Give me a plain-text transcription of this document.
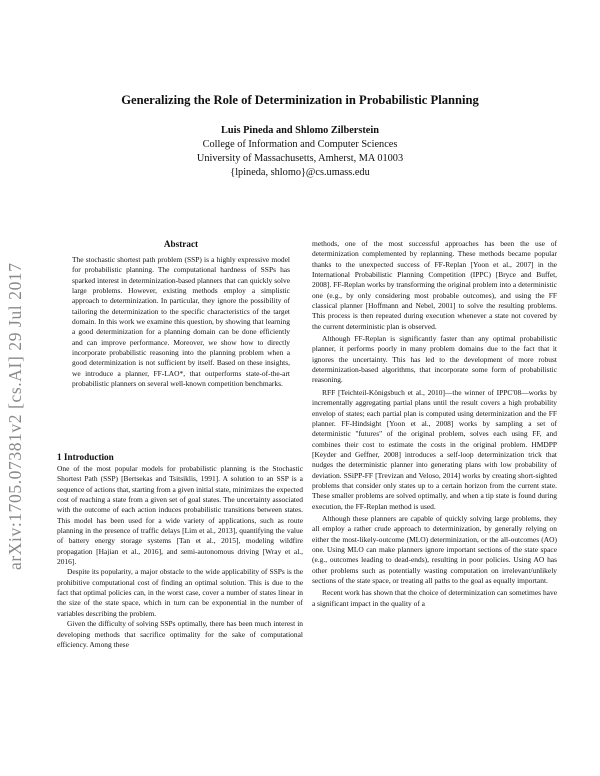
arXiv:1705.07381v2 [cs.AI] 29 Jul 2017
Generalizing the Role of Determinization in Probabilistic Planning
Luis Pineda and Shlomo Zilberstein
College of Information and Computer Sciences
University of Massachusetts, Amherst, MA 01003
{lpineda, shlomo}@cs.umass.edu
Abstract

The stochastic shortest path problem (SSP) is a highly expressive model for probabilistic planning. The computational hardness of SSPs has sparked interest in determinization-based planners that can quickly solve large problems. However, existing methods employ a simplistic approach to determinization. In particular, they ignore the possibility of tailoring the determinization to the specific characteristics of the target domain. In this work we examine this question, by showing that learning a good determinization for a planning domain can be done efficiently and can improve performance. Moreover, we show how to directly incorporate probabilistic reasoning into the planning problem when a good determinization is not sufficient by itself. Based on these insights, we introduce a planner, FF-LAO*, that outperforms state-of-the-art probabilistic planners on several well-known competition benchmarks.

1 Introduction

One of the most popular models for probabilistic planning is the Stochastic Shortest Path (SSP) [Bertsekas and Tsitsiklis, 1991]. A solution to an SSP is a sequence of actions that, starting from a given initial state, minimizes the expected cost of reaching a state from a given set of goal states. The uncertainty associated with the outcome of each action induces probabilistic transitions between states. This model has been used for a wide variety of applications, such as route planning in the presence of traffic delays [Lim et al., 2013], quantifying the value of battery energy storage systems [Tan et al., 2015], modeling wildfire propagation [Hajian et al., 2016], and semi-autonomous driving [Wray et al., 2016].

Despite its popularity, a major obstacle to the wide applicability of SSPs is the prohibitive computational cost of finding an optimal solution. This is due to the fact that optimal policies can, in the worst case, cover a number of states linear in the size of the state space, which in turn can be exponential in the number of variables describing the problem.

Given the difficulty of solving SSPs optimally, there has been much interest in developing methods that sacrifice optimality for the sake of computational efficiency. Among these

methods, one of the most successful approaches has been the use of determinization complemented by replanning. These methods became popular thanks to the unexpected success of FF-Replan [Yoon et al., 2007] in the International Probabilistic Planning Competition (IPPC) [Bryce and Buffet, 2008]. FF-Replan works by transforming the original problem into a deterministic one (e.g., by only considering most probable outcomes), and using the FF classical planner [Hoffmann and Nebel, 2001] to solve the resulting problems. This process is then repeated during execution whenever a state not covered by the current deterministic plan is observed.

Although FF-Replan is significantly faster than any optimal probabilistic planner, it performs poorly in many problem domains due to the fact that it ignores the uncertainty. This has led to the development of more robust determinization-based algorithms, that incorporate some form of probabilistic reasoning.

RFF [Teichteil-Königsbuch et al., 2010]—the winner of IPPC'08—works by incrementally aggregating partial plans until the result covers a high probability envelop of states; each partial plan is computed using determinization and the FF planner. FF-Hindsight [Yoon et al., 2008] works by sampling a set of deterministic "futures" of the original problem, solves each using FF, and combines their cost to estimate the costs in the original problem. HMDPP [Keyder and Geffner, 2008] introduces a self-loop determinization trick that nudges the deterministic planner into generating plans with low probability of deviation. SSiPP-FF [Trevizan and Veloso, 2014] works by creating short-sighted problems that consider only states up to a certain horizon from the current state. These smaller problems are solved optimally, and when a tip state is found during execution, the FF-Replan method is used.

Although these planners are capable of quickly solving large problems, they all employ a rather crude approach to determinization, by generally relying on either the most-likely-outcome (MLO) determinization, or the all-outcomes (AO) one. Using MLO can make planners ignore important sections of the state space (e.g., outcomes leading to dead-ends), resulting in poor policies. Using AO has other problems such as potentially wasting computation on irrelevant/unlikely sections of the state space, or treating all paths to the goal as equally important.

Recent work has shown that the choice of determinization can sometimes have a significant impact in the quality of a
